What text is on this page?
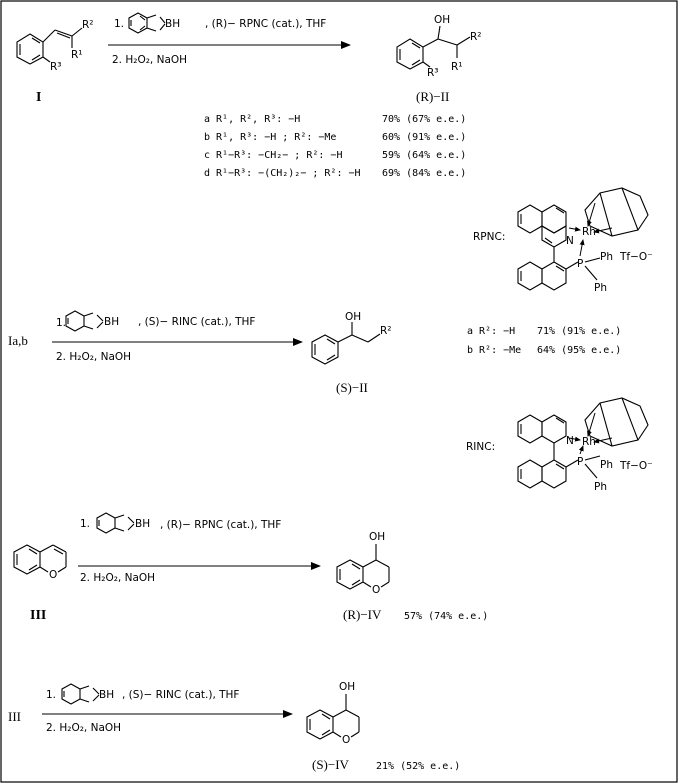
R²
R¹
R³
I
1.	BH , (R)− RPNC (cat.), THF
2. H₂O₂, NaOH
OH
R²
R¹
R³
(R)−II
a R¹, R², R³: −H	70% (67% e.e.)
b R¹, R³: −H ; R²: −Me	60% (91% e.e.)
c R¹−R³: −CH₂− ; R²: −H	59% (64% e.e.)
d R¹−R³: −(CH₂)₂− ; R²: −H 69% (84% e.e.)
RPNC:	N
Rh
P
Ph
Ph
Tf−O⁻
Ia,b
1.	BH , (S)− RINC (cat.), THF
2. H₂O₂, NaOH
OH
R²
(S)−II
a R²: −H 71% (91% e.e.)
b R²: −Me 64% (95% e.e.)
RINC:	N Rh
P Ph
Ph
Tf−O⁻
O
III
1.	BH , (R)− RPNC (cat.), THF
2. H₂O₂, NaOH
OH
O
(R)−IV 57% (74% e.e.)
III
1.	BH , (S)− RINC (cat.), THF
2. H₂O₂, NaOH
OH
O
(S)−IV	21% (52% e.e.)
